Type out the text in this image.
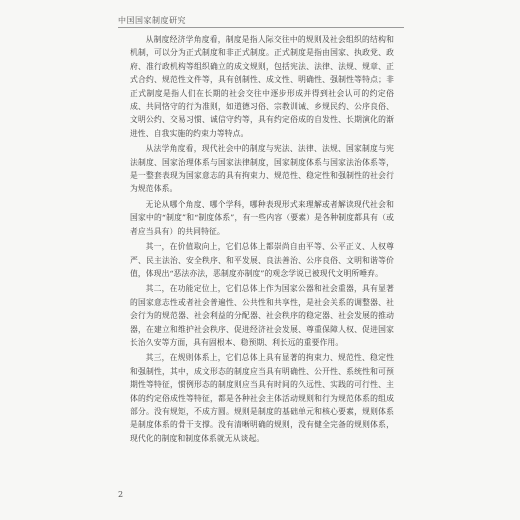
中国国家制度研究

从制度经济学角度看，制度是指人际交往中的规则及社会组织的结构和机制，可以分为正式制度和非正式制度。正式制度是指由国家、执政党、政府、准行政机构等组织确立的成文规则，包括宪法、法律、法规、规章、正式合约、规范性文件等，具有创制性、成文性、明确性、强制性等特点；非正式制度是指人们在长期的社会交往中逐步形成并得到社会认可的约定俗成、共同恪守的行为准则，如道德习俗、宗教训诫、乡规民约、公序良俗、文明公约、交易习惯、诚信守约等，具有约定俗成的自发性、长期演化的渐进性、自我实施的约束力等特点。

从法学角度看，现代社会中的制度与宪法、法律、法规、国家制度与宪法制度、国家治理体系与国家法律制度，国家制度体系与国家法治体系等，是一整套表现为国家意志的具有拘束力、规范性、稳定性和强制性的社会行为规范体系。

无论从哪个角度、哪个学科，哪种表现形式来理解或者解读现代社会和国家中的“制度”和“制度体系”，有一些内容（要素）是各种制度都具有（或者应当具有）的共同特征。

其一，在价值取向上，它们总体上都崇尚自由平等、公平正义、人权尊严、民主法治、安全秩序、和平发展、良法善治、公序良俗、文明和谐等价值，体现出“恶法亦法，恶制度亦制度”的观念学说已被现代文明所唾弃。

其二，在功能定位上，它们总体上作为国家公器和社会重器，具有显著的国家意志性或者社会普遍性、公共性和共享性，是社会关系的调整器、社会行为的规范器、社会利益的分配器、社会秩序的稳定器、社会发展的推动器，在建立和维护社会秩序、促进经济社会发展、尊重保障人权、促进国家长治久安等方面，具有固根本、稳预期、利长远的重要作用。

其三，在规则体系上，它们总体上具有显著的拘束力、规范性、稳定性和强制性，其中，成文形态的制度应当具有明确性、公开性、系统性和可预期性等特征，惯例形态的制度则应当具有时间的久远性、实践的可行性、主体的约定俗成性等特征，都是各种社会主体活动规则和行为规范体系的组成部分。没有规矩，不成方圆。规则是制度的基础单元和核心要素，规则体系是制度体系的骨干支撑。没有清晰明确的规则，没有健全完备的规则体系，现代化的制度和制度体系就无从谈起。

2
